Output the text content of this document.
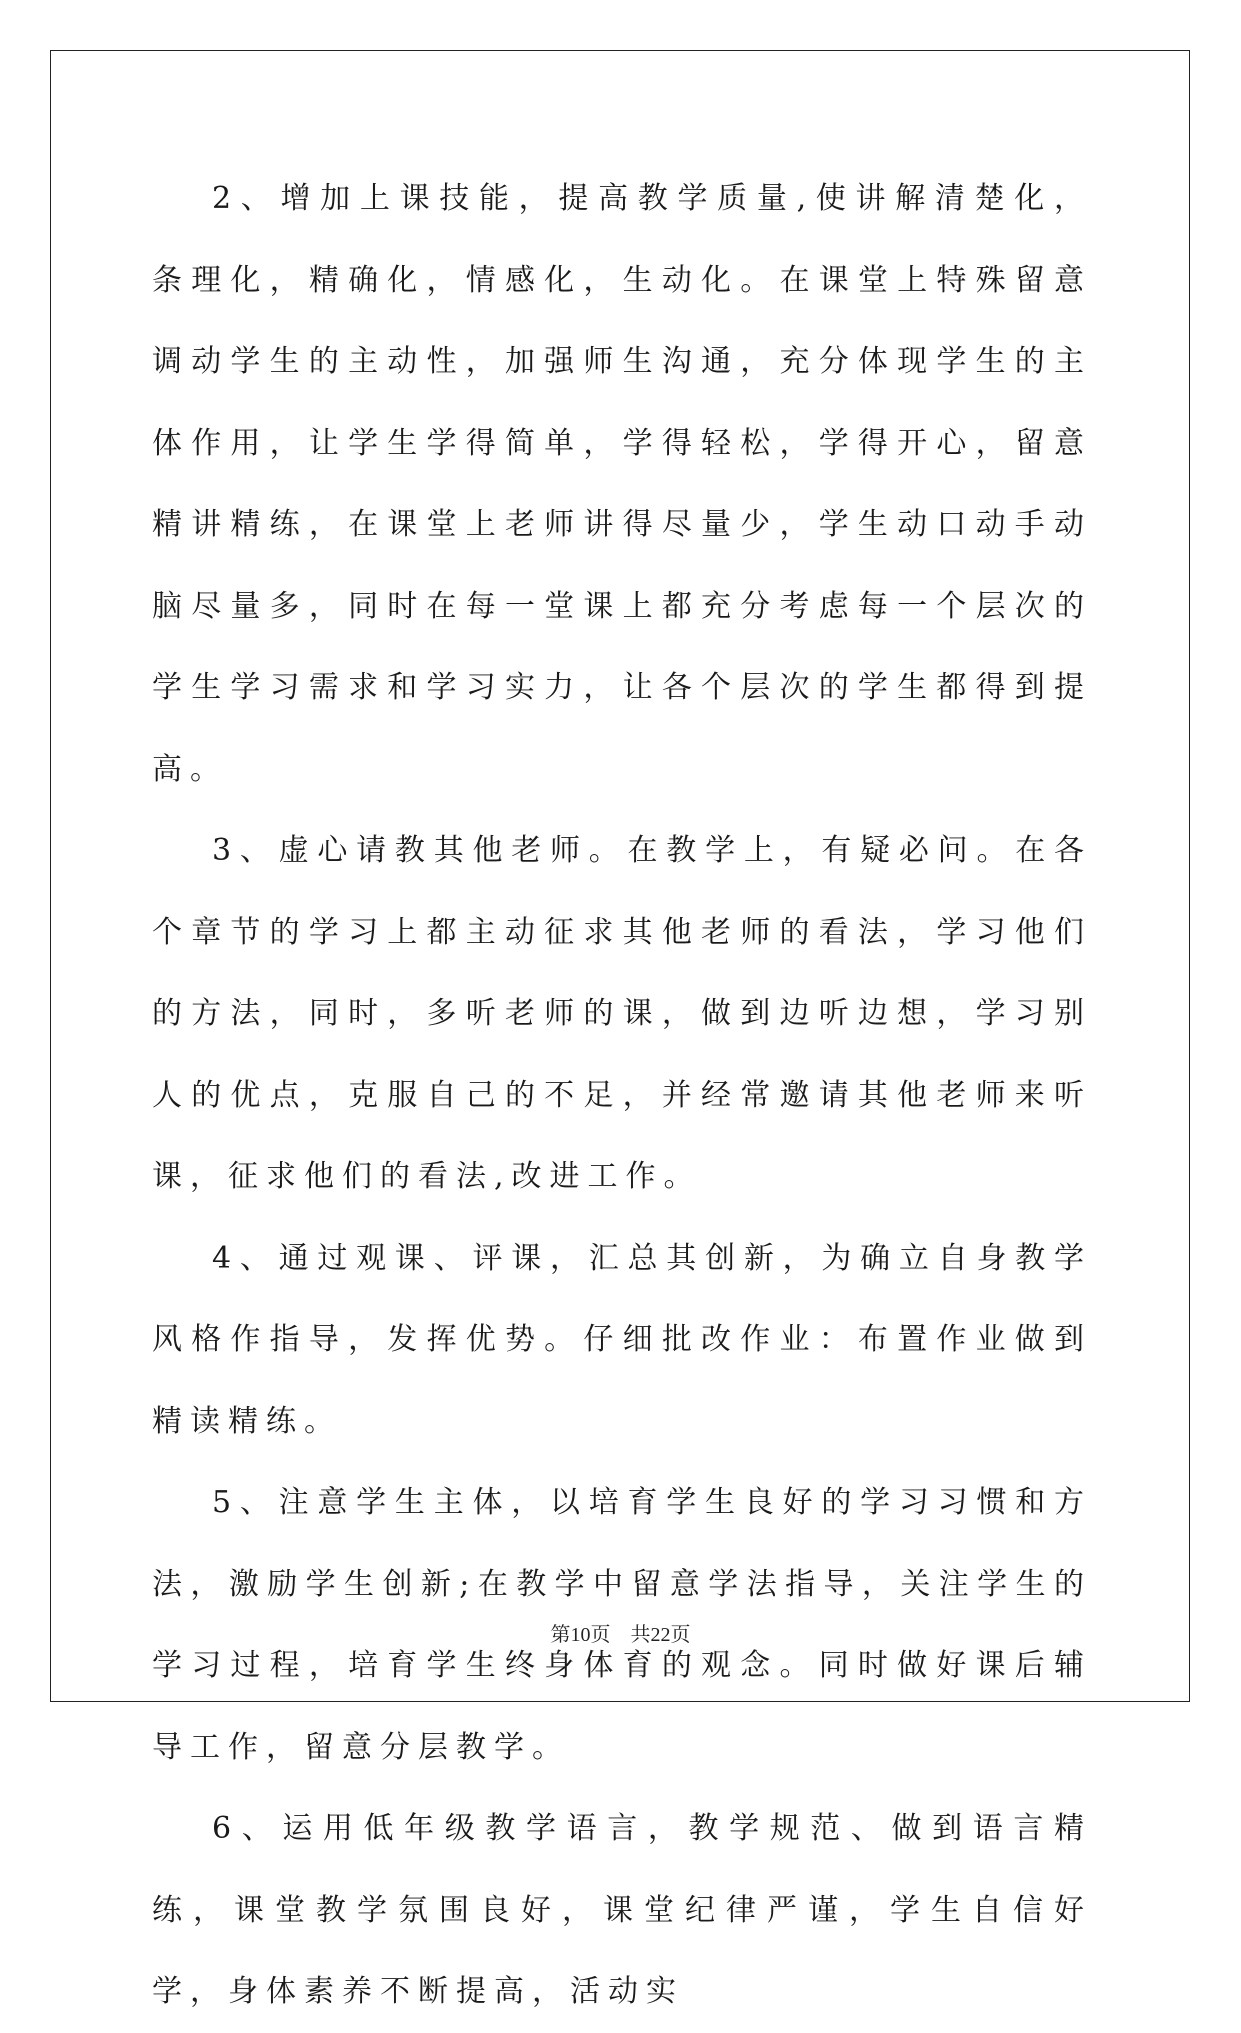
2、增加上课技能，提高教学质量,使讲解清楚化，条理化，精确化，情感化，生动化。在课堂上特殊留意调动学生的主动性，加强师生沟通，充分体现学生的主体作用，让学生学得简单，学得轻松，学得开心，留意精讲精练，在课堂上老师讲得尽量少，学生动口动手动脑尽量多，同时在每一堂课上都充分考虑每一个层次的学生学习需求和学习实力，让各个层次的学生都得到提高。

3、虚心请教其他老师。在教学上，有疑必问。在各个章节的学习上都主动征求其他老师的看法，学习他们的方法，同时，多听老师的课，做到边听边想，学习别人的优点，克服自己的不足，并经常邀请其他老师来听课，征求他们的看法,改进工作。

4、通过观课、评课，汇总其创新，为确立自身教学风格作指导，发挥优势。仔细批改作业：布置作业做到精读精练。

5、注意学生主体，以培育学生良好的学习习惯和方法，激励学生创新;在教学中留意学法指导，关注学生的学习过程，培育学生终身体育的观念。同时做好课后辅导工作，留意分层教学。

6、运用低年级教学语言，教学规范、做到语言精练，课堂教学氛围良好，课堂纪律严谨，学生自信好学，身体素养不断提高，活动实

第10页　共22页
